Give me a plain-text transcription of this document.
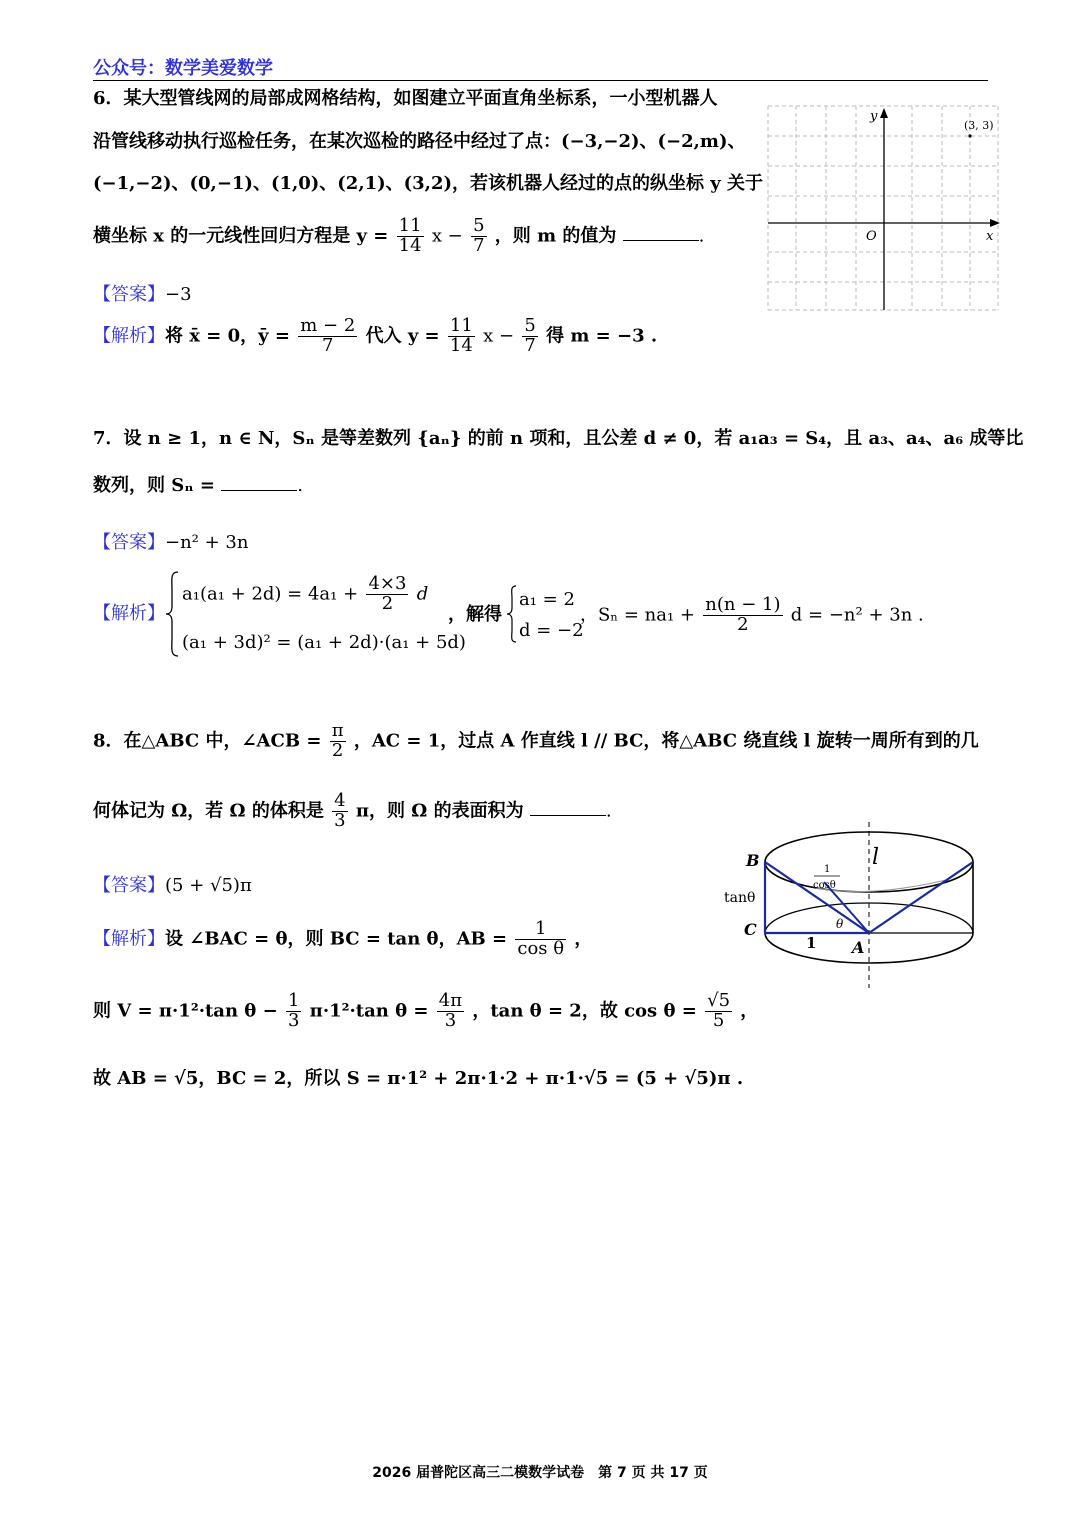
公众号：数学美爱数学
6．某大型管线网的局部成网格结构，如图建立平面直角坐标系，一小型机器人
沿管线移动执行巡检任务，在某次巡检的路径中经过了点：(−3,−2)、(−2,m)、
(−1,−2)、(0,−1)、(1,0)、(2,1)、(3,2)，若该机器人经过的点的纵坐标 y 关于
横坐标 x 的一元线性回归方程是 $y = \frac{11}{14}$ $x - \frac{5}{7}$ ，则 m 的值为	.
【答案】−3
【解析】将 x̄ = 0，ȳ = $\frac{m - 2}{7}$ 代入 $y = \frac{11}{14}$ $x - \frac{5}{7}$ 得 m = −3 .
y
x
O
(3, 3)
7．设 n ≥ 1，n ∈ N，Sₙ 是等差数列 {aₙ} 的前 n 项和，且公差 d ≠ 0，若 a₁a₃ = S₄，且 a₃、a₄、a₆ 成等比
数列，则 Sₙ =	.
【答案】−n² + 3n
【解析】
$a_1(a_1 + 2d) = 4a_1 + \frac{4\times 3}{2}$ d
(a₁ + 3d)² = (a₁ + 2d)·(a₁ + 5d)
，解得
a₁ = 2
d = −2
，$S_n = na_1 + \frac{n(n - 1)}{2}$ d = −n² + 3n .
8．在△ABC 中，∠ACB = $\frac{\pi}{2}$ ，AC = 1，过点 A 作直线 l // BC，将△ABC 绕直线 l 旋转一周所有到的几
何体记为 Ω，若 Ω 的体积是 $\frac{4}{3}$ π，则 Ω 的表面积为	.
【答案】(5 + √5)π
【解析】设 ∠BAC = θ，则 BC = tan θ，AB = $\frac{1}{\text{cos θ}}$ ，
则 V = π·1²·tan $\theta - \frac{1}{3} \pi\cdot 1^2\cdot\tan$ $\theta = \frac{4\pi}{3}$ ，tan θ = 2，故 $\cos \theta = \frac{√5}{5}$ ，
故 AB = √5，BC = 2，所以 S = π·1² + 2π·1·2 + π·1·√5 = (5 + √5)π .
B
C
A
l
tanθ
1
θ
1
cosθ
2026 届普陀区高三二模数学试卷　第 7 页 共 17 页
